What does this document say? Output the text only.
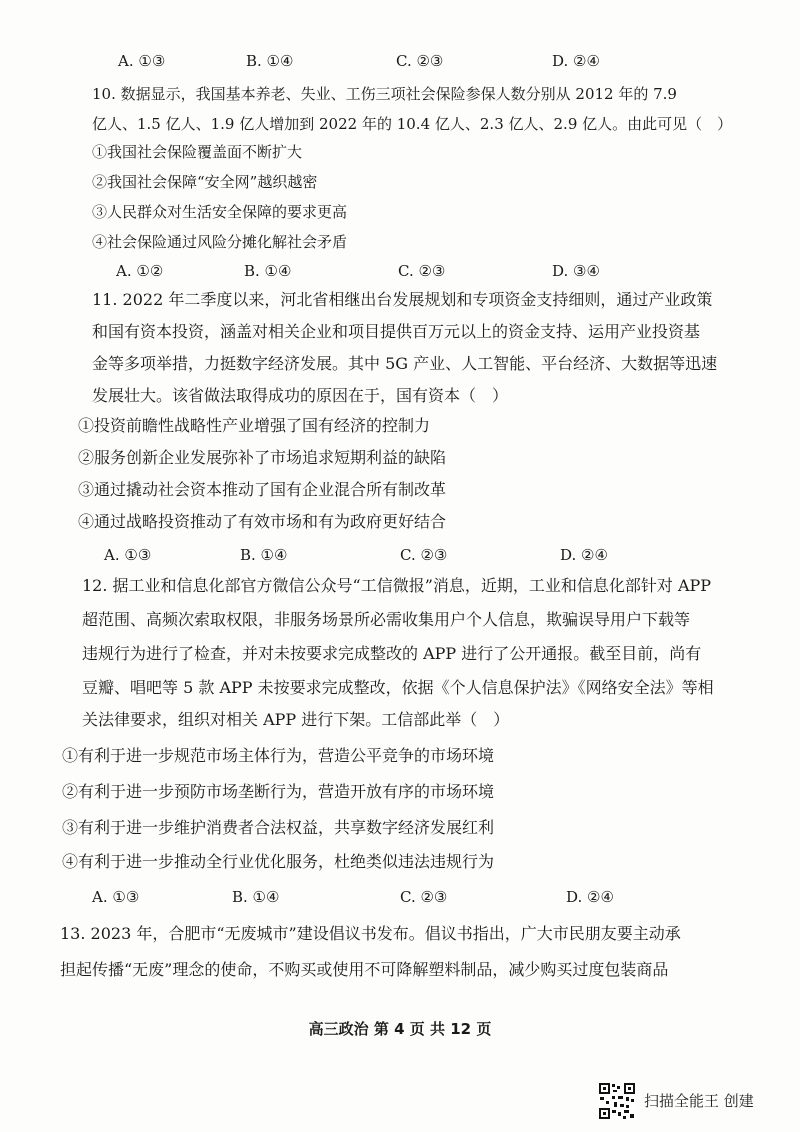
A. ①③	B. ①④	C. ②③	D. ②④
10. 数据显示，我国基本养老、失业、工伤三项社会保险参保人数分别从 2012 年的 7.9
亿人、1.5 亿人、1.9 亿人增加到 2022 年的 10.4 亿人、2.3 亿人、2.9 亿人。由此可见（　）
①我国社会保险覆盖面不断扩大
②我国社会保障“安全网”越织越密
③人民群众对生活安全保障的要求更高
④社会保险通过风险分摊化解社会矛盾
A. ①②	B. ①④	C. ②③	D. ③④
11. 2022 年二季度以来，河北省相继出台发展规划和专项资金支持细则，通过产业政策
和国有资本投资，涵盖对相关企业和项目提供百万元以上的资金支持、运用产业投资基
金等多项举措，力挺数字经济发展。其中 5G 产业、人工智能、平台经济、大数据等迅速
发展壮大。该省做法取得成功的原因在于，国有资本（　）
①投资前瞻性战略性产业增强了国有经济的控制力
②服务创新企业发展弥补了市场追求短期利益的缺陷
③通过撬动社会资本推动了国有企业混合所有制改革
④通过战略投资推动了有效市场和有为政府更好结合
A. ①③	B. ①④	C. ②③	D. ②④
12. 据工业和信息化部官方微信公众号“工信微报”消息，近期，工业和信息化部针对 APP
超范围、高频次索取权限，非服务场景所必需收集用户个人信息，欺骗误导用户下载等
违规行为进行了检查，并对未按要求完成整改的 APP 进行了公开通报。截至目前，尚有
豆瓣、唱吧等 5 款 APP 未按要求完成整改，依据《个人信息保护法》《网络安全法》等相
关法律要求，组织对相关 APP 进行下架。工信部此举（　）
①有利于进一步规范市场主体行为，营造公平竞争的市场环境
②有利于进一步预防市场垄断行为，营造开放有序的市场环境
③有利于进一步维护消费者合法权益，共享数字经济发展红利
④有利于进一步推动全行业优化服务，杜绝类似违法违规行为
A. ①③	B. ①④	C. ②③	D. ②④
13. 2023 年，合肥市“无废城市”建设倡议书发布。倡议书指出，广大市民朋友要主动承
担起传播“无废”理念的使命，不购买或使用不可降解塑料制品，减少购买过度包装商品
高三政治 第 4 页 共 12 页
扫描全能王 创建
